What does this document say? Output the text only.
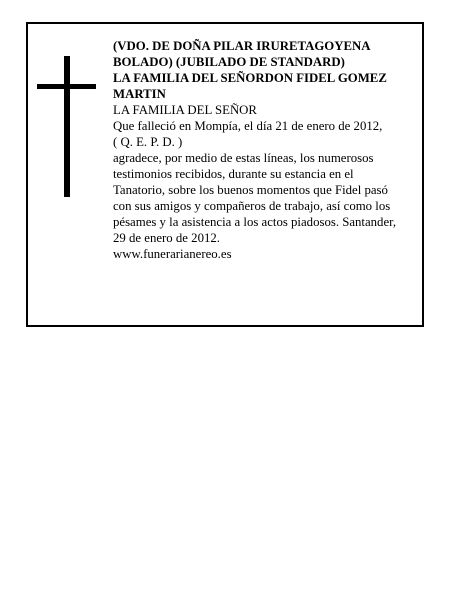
(VDO. DE DOÑA PILAR IRURETAGOYENA

BOLADO) (JUBILADO DE STANDARD)

LA FAMILIA DEL SEÑORDON FIDEL GOMEZ

MARTIN

LA FAMILIA DEL SEÑOR

Que falleció en Mompía, el día 21 de enero de 2012,

( Q. E. P. D. )

agradece, por medio de estas líneas, los numerosos

testimonios recibidos, durante su estancia en el

Tanatorio, sobre los buenos momentos que Fidel pasó

con sus amigos y compañeros de trabajo, así como los

pésames y la asistencia a los actos piadosos. Santander,

29 de enero de 2012.

www.funerarianereo.es
